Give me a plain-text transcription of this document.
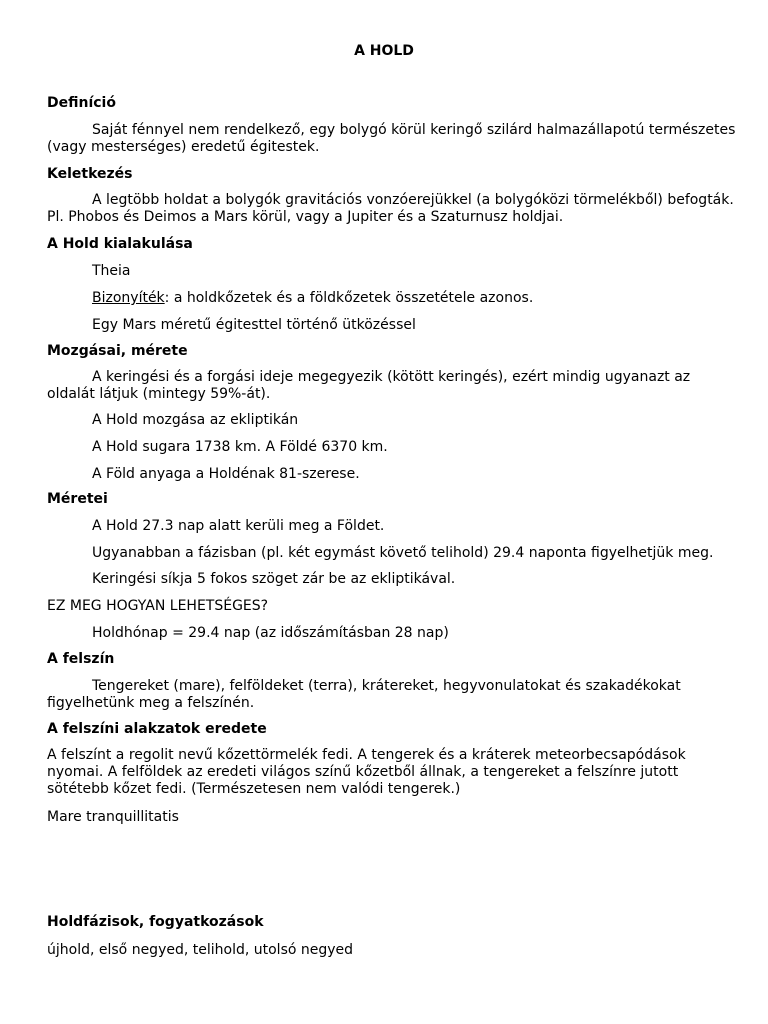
A HOLD
Definíció
Saját fénnyel nem rendelkező, egy bolygó körül keringő szilárd halmazállapotú természetes (vagy mesterséges) eredetű égitestek.
Keletkezés
A legtöbb holdat a bolygók gravitációs vonzóerejükkel (a bolygóközi törmelékből) befogták. Pl. Phobos és Deimos a Mars körül, vagy a Jupiter és a Szaturnusz holdjai.
A Hold kialakulása
Theia
Bizonyíték: a holdkőzetek és a földkőzetek összetétele azonos.
Egy Mars méretű égitesttel történő ütközéssel
Mozgásai, mérete
A keringési és a forgási ideje megegyezik (kötött keringés), ezért mindig ugyanazt az oldalát látjuk (mintegy 59%-át).
A Hold mozgása az ekliptikán
A Hold sugara 1738 km. A Földé 6370 km.
A Föld anyaga a Holdénak 81-szerese.
Méretei
A Hold 27.3 nap alatt kerüli meg a Földet.
Ugyanabban a fázisban (pl. két egymást követő telihold) 29.4 naponta figyelhetjük meg.
Keringési síkja 5 fokos szöget zár be az ekliptikával.
EZ MEG HOGYAN LEHETSÉGES?
Holdhónap = 29.4 nap (az időszámításban 28 nap)
A felszín
Tengereket (mare), felföldeket (terra), krátereket, hegyvonulatokat és szakadékokat figyelhetünk meg a felszínén.
A felszíni alakzatok eredete
A felszínt a regolit nevű kőzettörmelék fedi. A tengerek és a kráterek meteorbecsapódások nyomai. A felföldek az eredeti világos színű kőzetből állnak, a tengereket a felszínre jutott sötétebb kőzet fedi. (Természetesen nem valódi tengerek.)
Mare tranquillitatis
Holdfázisok, fogyatkozások
újhold, első negyed, telihold, utolsó negyed
